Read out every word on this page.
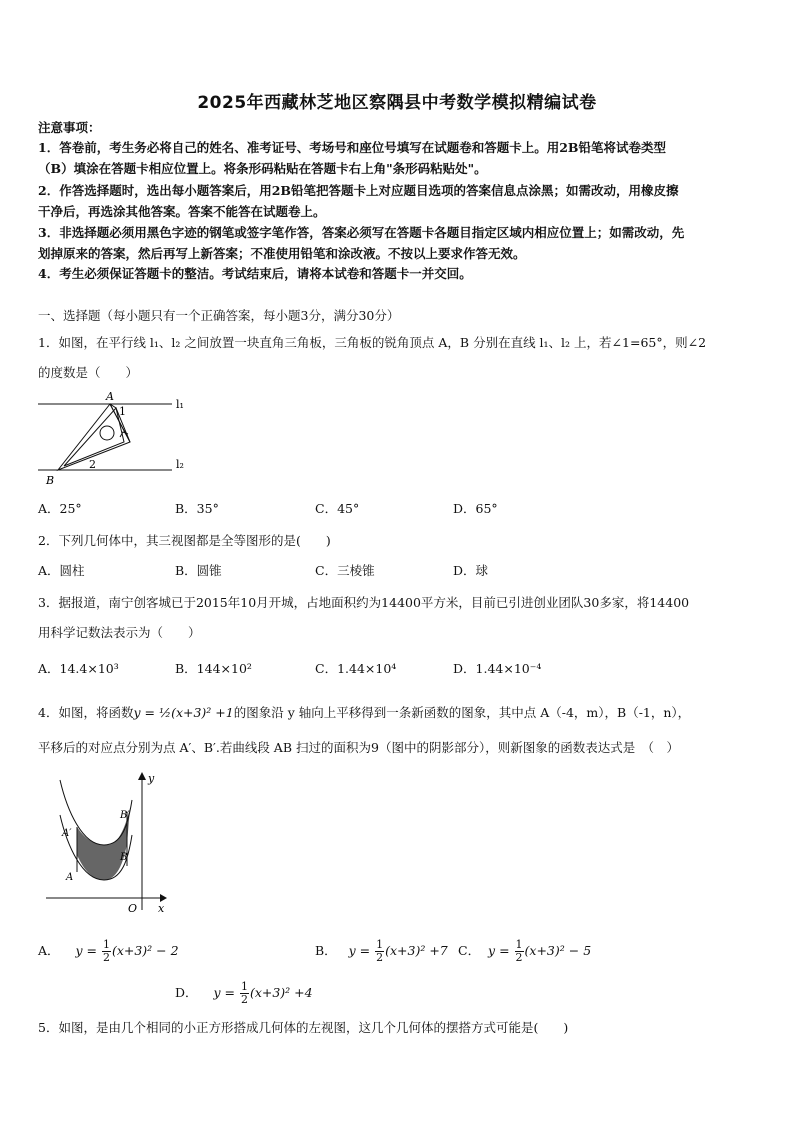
2025年西藏林芝地区察隅县中考数学模拟精编试卷
注意事项：
1．答卷前，考生务必将自己的姓名、准考证号、考场号和座位号填写在试题卷和答题卡上。用2B铅笔将试卷类型
（B）填涂在答题卡相应位置上。将条形码粘贴在答题卡右上角"条形码粘贴处"。
2．作答选择题时，选出每小题答案后，用2B铅笔把答题卡上对应题目选项的答案信息点涂黑；如需改动，用橡皮擦
干净后，再选涂其他答案。答案不能答在试题卷上。
3．非选择题必须用黑色字迹的钢笔或签字笔作答，答案必须写在答题卡各题目指定区域内相应位置上；如需改动，先
划掉原来的答案，然后再写上新答案；不准使用铅笔和涂改液。不按以上要求作答无效。
4．考生必须保证答题卡的整洁。考试结束后，请将本试卷和答题卡一并交回。
一、选择题（每小题只有一个正确答案，每小题3分，满分30分）
1．如图，在平行线 l₁、l₂ 之间放置一块直角三角板，三角板的锐角顶点 A，B 分别在直线 l₁、l₂ 上，若∠1=65°，则∠2
的度数是（　　）
A
1
2
B
l₁
l₂
A．25°	B．35°	C．45°	D．65°
2．下列几何体中，其三视图都是全等图形的是(　　)
A．圆柱	B．圆锥	C．三棱锥	D．球
3．据报道，南宁创客城已于2015年10月开城，占地面积约为14400平方米，目前已引进创业团队30多家，将14400
用科学记数法表示为（　　）
A．14.4×10³	B．144×10²	C．1.44×10⁴	D．1.44×10⁻⁴
4．如图，将函数y = ½(x+3)² +1的图象沿 y 轴向上平移得到一条新函数的图象，其中点 A（-4，m），B（-1，n），
平移后的对应点分别为点 A′、B′.若曲线段 AB 扫过的面积为9（图中的阴影部分），则新图象的函数表达式是　（　）
y
x
O
A′
A
B′
B
A． $y = \frac{1}{2} (x+3)^2 - 2$	B． $y = \frac{1}{2} (x+3)^2 +7$ C． $y = \frac{1}{2} (x+3)^2 - 5$
D． $y = \frac{1}{2} (x+3)^2 +4$
5．如图，是由几个相同的小正方形搭成几何体的左视图，这几个几何体的摆搭方式可能是(　　)
